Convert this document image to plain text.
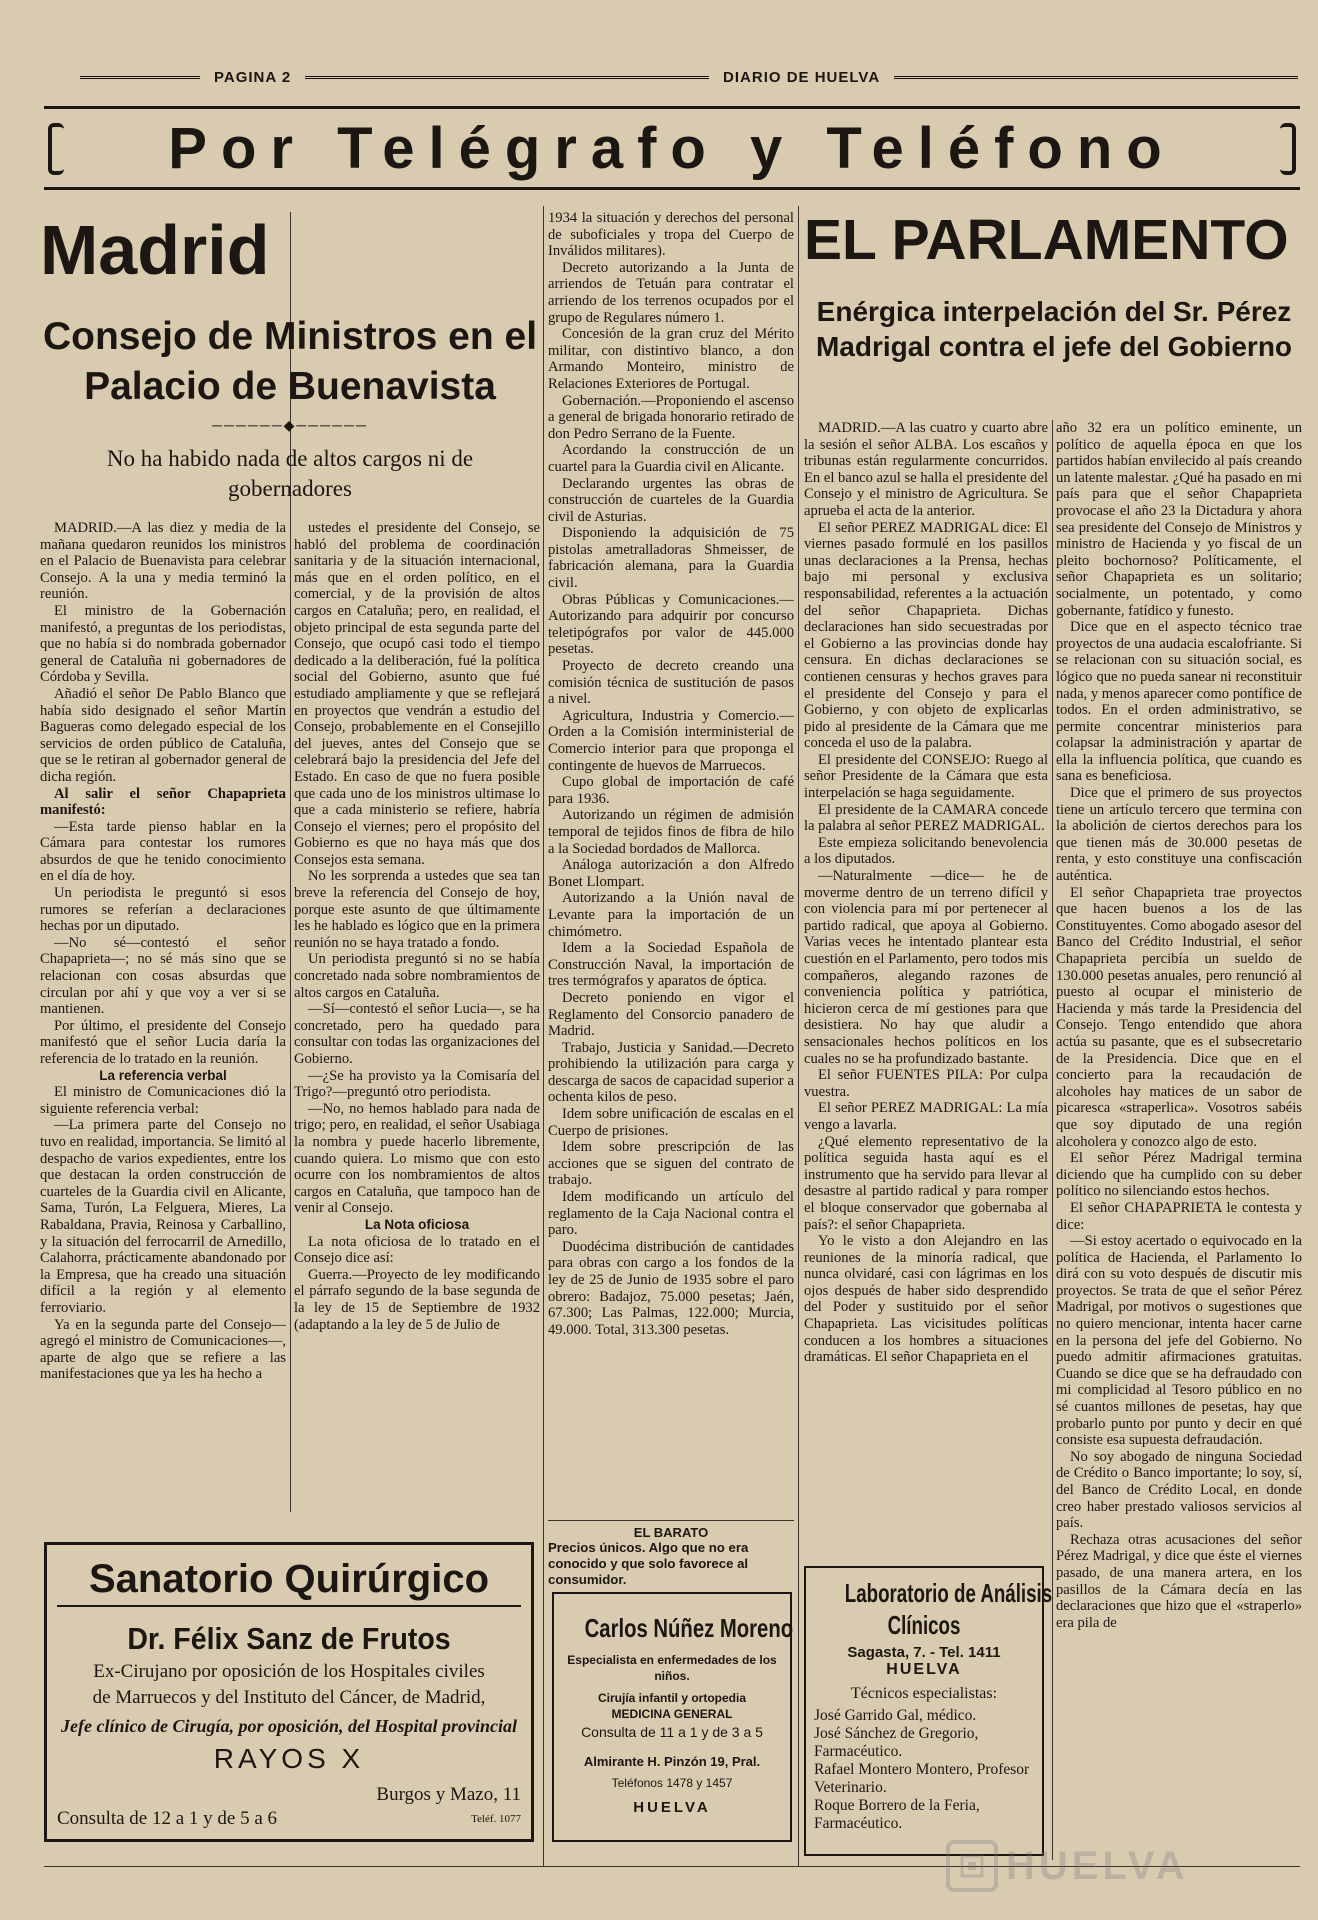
PAGINA 2	DIARIO DE HUELVA
Por Telégrafo y Teléfono
Madrid
Consejo de Ministros en el Palacio de Buenavista
──────◆──────
No ha habido nada de altos cargos ni de gobernadores

MADRID.—A las diez y media de la mañana quedaron reunidos los ministros en el Palacio de Buenavista para celebrar Consejo. A la una y media terminó la reunión.

El ministro de la Gobernación manifestó, a preguntas de los periodistas, que no había si do nombrada gobernador general de Cataluña ni gobernadores de Córdoba y Sevilla.

Añadió el señor De Pablo Blanco que había sido designado el señor Martín Bagueras como delegado especial de los servicios de orden público de Cataluña, que se le retiran al gobernador general de dicha región.

Al salir el señor Chapaprieta manifestó:

—Esta tarde pienso hablar en la Cámara para contestar los rumores absurdos de que he tenido conocimiento en el día de hoy.

Un periodista le preguntó si esos rumores se referían a declaraciones hechas por un diputado.

—No sé—contestó el señor Chapaprieta—; no sé más sino que se relacionan con cosas absurdas que circulan por ahí y que voy a ver si se mantienen.

Por último, el presidente del Consejo manifestó que el señor Lucia daría la referencia de lo tratado en la reunión.

La referencia verbal

El ministro de Comunicaciones dió la siguiente referencia verbal:

—La primera parte del Consejo no tuvo en realidad, importancia. Se limitó al despacho de varios expedientes, entre los que destacan la orden construcción de cuarteles de la Guardia civil en Alicante, Sama, Turón, La Felguera, Mieres, La Rabaldana, Pravia, Reinosa y Carballino, y la situación del ferrocarril de Arnedillo, Calahorra, prácticamente abandonado por la Empresa, que ha creado una situación difícil a la región y al elemento ferroviario.

Ya en la segunda parte del Consejo—agregó el ministro de Comunicaciones—, aparte de algo que se refiere a las manifestaciones que ya les ha hecho a

ustedes el presidente del Consejo, se habló del problema de coordinación sanitaria y de la situación internacional, más que en el orden político, en el comercial, y de la provisión de altos cargos en Cataluña; pero, en realidad, el objeto principal de esta segunda parte del Consejo, que ocupó casi todo el tiempo dedicado a la deliberación, fué la política social del Gobierno, asunto que fué estudiado ampliamente y que se reflejará en proyectos que vendrán a estudio del Consejo, probablemente en el Consejillo del jueves, antes del Consejo que se celebrará bajo la presidencia del Jefe del Estado. En caso de que no fuera posible que cada uno de los ministros ultimase lo que a cada ministerio se refiere, habría Consejo el viernes; pero el propósito del Gobierno es que no haya más que dos Consejos esta semana.

No les sorprenda a ustedes que sea tan breve la referencia del Consejo de hoy, porque este asunto de que últimamente les he hablado es lógico que en la primera reunión no se haya tratado a fondo.

Un periodista preguntó si no se había concretado nada sobre nombramientos de altos cargos en Cataluña.

—Sí—contestó el señor Lucia—, se ha concretado, pero ha quedado para consultar con todas las organizaciones del Gobierno.

—¿Se ha provisto ya la Comisaría del Trigo?—preguntó otro periodista.

—No, no hemos hablado para nada de trigo; pero, en realidad, el señor Usabiaga la nombra y puede hacerlo libremente, cuando quiera. Lo mismo que con esto ocurre con los nombramientos de altos cargos en Cataluña, que tampoco han de venir al Consejo.

La Nota oficiosa

La nota oficiosa de lo tratado en el Consejo dice así:

Guerra.—Proyecto de ley modificando el párrafo segundo de la base segunda de la ley de 15 de Septiembre de 1932 (adaptando a la ley de 5 de Julio de

1934 la situación y derechos del personal de suboficiales y tropa del Cuerpo de Inválidos militares).

Decreto autorizando a la Junta de arriendos de Tetuán para contratar el arriendo de los terrenos ocupados por el grupo de Regulares número 1.

Concesión de la gran cruz del Mérito militar, con distintivo blanco, a don Armando Monteiro, ministro de Relaciones Exteriores de Portugal.

Gobernación.—Proponiendo el ascenso a general de brigada honorario retirado de don Pedro Serrano de la Fuente.

Acordando la construcción de un cuartel para la Guardia civil en Alicante.

Declarando urgentes las obras de construcción de cuarteles de la Guardia civil de Asturias.

Disponiendo la adquisición de 75 pistolas ametralladoras Shmeisser, de fabricación alemana, para la Guardia civil.

Obras Públicas y Comunicaciones.—Autorizando para adquirir por concurso teletipógrafos por valor de 445.000 pesetas.

Proyecto de decreto creando una comisión técnica de sustitución de pasos a nivel.

Agricultura, Industria y Comercio.—Orden a la Comisión interministerial de Comercio interior para que proponga el contingente de huevos de Marruecos.

Cupo global de importación de café para 1936.

Autorizando un régimen de admisión temporal de tejidos finos de fibra de hilo a la Sociedad bordados de Mallorca.

Análoga autorización a don Alfredo Bonet Llompart.

Autorizando a la Unión naval de Levante para la importación de un chimómetro.

Idem a la Sociedad Española de Construcción Naval, la importación de tres termógrafos y aparatos de óptica.

Decreto poniendo en vigor el Reglamento del Consorcio panadero de Madrid.

Trabajo, Justicia y Sanidad.—Decreto prohibiendo la utilización para carga y descarga de sacos de capacidad superior a ochenta kilos de peso.

Idem sobre unificación de escalas en el Cuerpo de prisiones.

Idem sobre prescripción de las acciones que se siguen del contrato de trabajo.

Idem modificando un artículo del reglamento de la Caja Nacional contra el paro.

Duodécima distribución de cantidades para obras con cargo a los fondos de la ley de 25 de Junio de 1935 sobre el paro obrero: Badajoz, 75.000 pesetas; Jaén, 67.300; Las Palmas, 122.000; Murcia, 49.000. Total, 313.300 pesetas.

EL PARLAMENTO
Enérgica interpelación del Sr. Pérez Madrigal contra el jefe del Gobierno

MADRID.—A las cuatro y cuarto abre la sesión el señor ALBA. Los escaños y tribunas están regularmente concurridos. En el banco azul se halla el presidente del Consejo y el ministro de Agricultura. Se aprueba el acta de la anterior.

El señor PEREZ MADRIGAL dice: El viernes pasado formulé en los pasillos unas declaraciones a la Prensa, hechas bajo mi personal y exclusiva responsabilidad, referentes a la actuación del señor Chapaprieta. Dichas declaraciones han sido secuestradas por el Gobierno a las provincias donde hay censura. En dichas declaraciones se contienen censuras y hechos graves para el presidente del Consejo y para el Gobierno, y con objeto de explicarlas pido al presidente de la Cámara que me conceda el uso de la palabra.

El presidente del CONSEJO: Ruego al señor Presidente de la Cámara que esta interpelación se haga seguidamente.

El presidente de la CAMARA concede la palabra al señor PEREZ MADRIGAL.

Este empieza solicitando benevolencia a los diputados.

—Naturalmente —dice— he de moverme dentro de un terreno difícil y con violencia para mí por pertenecer al partido radical, que apoya al Gobierno. Varias veces he intentado plantear esta cuestión en el Parlamento, pero todos mis compañeros, alegando razones de conveniencia política y patriótica, hicieron cerca de mí gestiones para que desistiera. No hay que aludir a sensacionales hechos políticos en los cuales no se ha profundizado bastante.

El señor FUENTES PILA: Por culpa vuestra.

El señor PEREZ MADRIGAL: La mía vengo a lavarla.

¿Qué elemento representativo de la política seguida hasta aquí es el instrumento que ha servido para llevar al desastre al partido radical y para romper el bloque conservador que gobernaba al país?: el señor Chapaprieta.

Yo le visto a don Alejandro en las reuniones de la minoría radical, que nunca olvidaré, casi con lágrimas en los ojos después de haber sido desprendido del Poder y sustituido por el señor Chapaprieta. Las vicisitudes políticas conducen a los hombres a situaciones dramáticas. El señor Chapaprieta en el

año 32 era un político eminente, un político de aquella época en que los partidos habían envilecido al país creando un latente malestar. ¿Qué ha pasado en mi país para que el señor Chapaprieta provocase el año 23 la Dictadura y ahora sea presidente del Consejo de Ministros y ministro de Hacienda y yo fiscal de un pleito bochornoso? Políticamente, el señor Chapaprieta es un solitario; socialmente, un potentado, y como gobernante, fatídico y funesto.

Dice que en el aspecto técnico trae proyectos de una audacia escalofriante. Si se relacionan con su situación social, es lógico que no pueda sanear ni reconstituir nada, y menos aparecer como pontífice de todos. En el orden administrativo, se permite concentrar ministerios para colapsar la administración y apartar de ella la influencia política, que cuando es sana es beneficiosa.

Dice que el primero de sus proyectos tiene un artículo tercero que termina con la abolición de ciertos derechos para los que tienen más de 30.000 pesetas de renta, y esto constituye una confiscación auténtica.

El señor Chapaprieta trae proyectos que hacen buenos a los de las Constituyentes. Como abogado asesor del Banco del Crédito Industrial, el señor Chapaprieta percibía un sueldo de 130.000 pesetas anuales, pero renunció al puesto al ocupar el ministerio de Hacienda y más tarde la Presidencia del Consejo. Tengo entendido que ahora actúa su pasante, que es el subsecretario de la Presidencia. Dice que en el concierto para la recaudación de alcoholes hay matices de un sabor de picaresca «straperlica». Vosotros sabéis que soy diputado de una región alcoholera y conozco algo de esto.

El señor Pérez Madrigal termina diciendo que ha cumplido con su deber político no silenciando estos hechos.

El señor CHAPAPRIETA le contesta y dice:

—Si estoy acertado o equivocado en la política de Hacienda, el Parlamento lo dirá con su voto después de discutir mis proyectos. Se trata de que el señor Pérez Madrigal, por motivos o sugestiones que no quiero mencionar, intenta hacer carne en la persona del jefe del Gobierno. No puedo admitir afirmaciones gratuitas. Cuando se dice que se ha defraudado con mi complicidad al Tesoro público en no sé cuantos millones de pesetas, hay que probarlo punto por punto y decir en qué consiste esa supuesta defraudación.

No soy abogado de ninguna Sociedad de Crédito o Banco importante; lo soy, sí, del Banco de Crédito Local, en donde creo haber prestado valiosos servicios al país.

Rechaza otras acusaciones del señor Pérez Madrigal, y dice que éste el viernes pasado, de una manera artera, en los pasillos de la Cámara decía en las declaraciones que hizo que el «straperlo» era pila de

Sanatorio Quirúrgico
Dr. Félix Sanz de Frutos
Ex-Cirujano por oposición de los Hospitales civiles
de Marruecos y del Instituto del Cáncer, de Madrid,
Jefe clínico de Cirugía, por oposición, del Hospital provincial
RAYOS X
Consulta de 12 a 1 y de 5 a 6
Burgos y Mazo, 11
Teléf. 1077
EL BARATO
Precios únicos. Algo que no era conocido y que solo favorece al consumidor.
Carlos Núñez Moreno
Especialista en enfermedades de los niños.
Cirujía infantil y ortopedia
MEDICINA GENERAL
Consulta de 11 a 1 y de 3 a 5
Almirante H. Pinzón 19, Pral.
Teléfonos 1478 y 1457
HUELVA
Laboratorio de Análisis
Clínicos
Sagasta, 7. - Tel. 1411
HUELVA
Técnicos especialistas:
José Garrido Gal, médico.
José Sánchez de Gregorio, Farmacéutico.
Rafael Montero Montero, Profesor Veterinario.
Roque Borrero de la Feria, Farmacéutico.
HUELVA
